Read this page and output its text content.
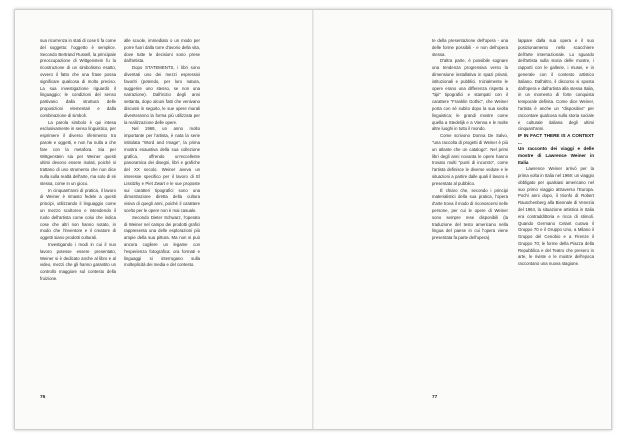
sua ricorrenza in stati di cose ti fa come del soggetto: l'oggetto è semplice. Secondo Bertrand Russell, la principale preoccupazione di Wittgenstein fu la ricostruzione di un simbolismo esatto, ovvero il fatto che una frase possa significare qualcosa di molto preciso. La sua investigazione riguardò il linguaggio; le condizioni del senso partivano dalla struttura delle proposizioni elementari e dalla combinazione di simboli.

La parola simbolo è qui intesa esclusivamente in senso linguistico, per esprimere il diverso riferimento tra parole e oggetti, e non ha nulla a che fare con la metafora. Sia per Wittgenstein sia per Weiner questi ultimi devono essere isolati, poiché si trattano di uno strumento che non dice nulla sulla realtà dell'arte, ma solo di sé stessa, come in un gioco.

In cinquant'anni di pratica, il lavoro di Weiner è rimasto fedele a questi principi, utilizzando il linguaggio come un mezzo scultoreo e intendendo il ruolo dell'artista come colui che indica cose che altri non hanno notato, in modo che l'inventore e il creatore di oggetti siano prodotti culturali.

Investigando i modi in cui il suo lavoro potesse essere presentato, Weiner si è dedicato anche al libro e al video, mezzi che gli hanno garantito un controllo maggiore sul contesto della fruizione.

alle scuole, immediato o un modo per porre fuori dalla torre d'avorio della vita, dove tutte le decisioni sono prese dall'artista.

Dopo STATEMENTS, i libri sono diventati uno dei mezzi espressivi favoriti (potendo, per loro natura, suggerire uno stesso, se non una narrazione). Dall'inizio degli anni settanta, dopo alcuni fatti che venivano discussi in seguito, le sue opere murali diventeranno la forma più utilizzata per la realizzazione delle opere.

Nel 1968, un anno molto importante per l'artista, è nata la serie intitolata "Word and Image", la prima mostra esaustiva della sua collezione grafica, offrendo un'eccellente panoramica dei disegni, libri e grafiche del XX secolo. Weiner aveva un interesse specifico per il lavoro di El Lissitzky e Piet Zwart e le sue proposte sui caratteri tipografici sono una dimostrazione diretta della cultura visiva di quegli anni, poiché il carattere scelto per le opere non è mai casuale.

Secondo Dieter Schwarz, l'operato di Weiner nel campo dei prodotti grafici rappresenta una delle esplorazioni più ampie della sua pittura. Ma non si può ancora cogliere un legame con l'esperienza fotografica: ora formati e linguaggi si interrogano sulla molteplicità dei media e del contesto.

76

te della presentazione dell'opera - una delle forme possibili - e non dell'opera stessa.

D'altra parte, è possibile sognare una tendenza progressiva verso la dimensione installativa in spazi privati, istituzionali e pubblici. Inizialmente le opere erano una differenza rispetto a "tipi" tipografici e stampati con il carattere "Franklin Gothic", che Weiner porta con sé subito dopo la sua svolta linguistica; le grandi mostre come quella a Stedelijk e a Vienna e le molte altre luoghi in tutto il mondo.

Come scrivono Donna De Salvo, "una raccolta di progetti di Weiner è più un atlante che un catalogo". Nel primi libri degli anni novanta le opere hanno trovato molti "punti di incontro", come l'artista definisce le diverse vedute e le situazioni a partire dalle quali il lavoro è presentato al pubblico.

È chiaro che, secondo i principi materialistici della sua pratica, l'opera d'arte trova il modo di riconoscersi nelle persone, per cui le opere di Weiner sono sempre rese disponibili (la traduzione del testo americano nella lingua del paese in cui l'opera viene presentata fa parte dell'opera).

lappare dalla sua opera e il suo posizionamento nello scacchiere dell'arte internazionale. Lo sguardo dell'artista sulla storia delle mostre, i rapporti con le gallerie, i musei, e in generale con il contesto artistico italiano. Dall'altro, il discorso si sposta dall'opera e dall'artista alla stessa Italia, in un momento di forte conquista temporale definita. Come dice Weiner, l'artista è anche un "dispositivo" per raccontare qualcosa sulla storia sociale e culturale italiana degli ultimi cinquant'anni.

IF IN FACT THERE IS A CONTEXT ...

Un racconto dei viaggi e delle mostre di Lawrence Weiner in Italia

Lawrence Weiner arrivò per la prima volta in Italia nel 1969: un viaggio obbligato per qualsiasi americano nel suo primo viaggio attraverso l'Europa. Pochi anni dopo, il trionfo di Robert Rauschenberg alla Biennale di Venezia del 1964, la situazione artistica in Italia era contraddittoria e ricca di stimoli. Quando Germano Celant curava il Gruppo 70 e il Gruppo Uno, a Milano il Gruppo del Cenobio e a Firenze il Gruppo 70; le forme della Piazza della Repubblica e del Teatro che presero in arte, le riviste e le mostre dell'epoca raccontano una nuova stagione.

77
